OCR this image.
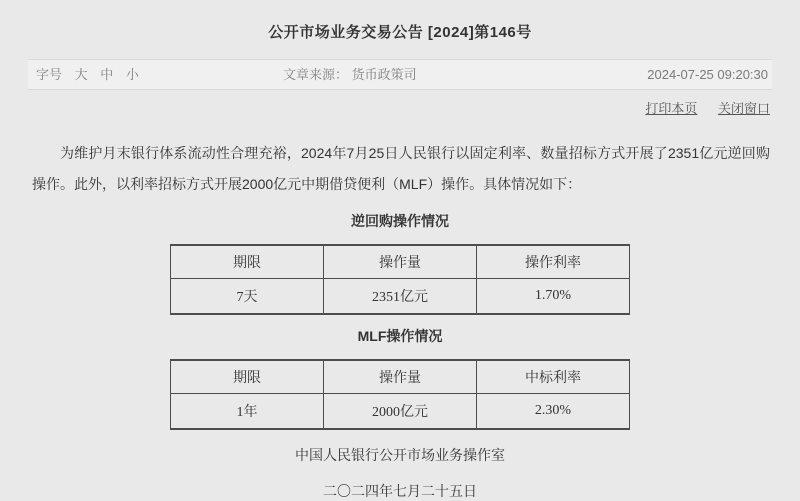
公开市场业务交易公告 [2024]第146号
字号 大 中 小	文章来源： 货币政策司	2024-07-25 09:20:30
打印本页 关闭窗口
为维护月末银行体系流动性合理充裕，2024年7月25日人民银行以固定利率、数量招标方式开展了2351亿元逆回购操作。此外，以利率招标方式开展2000亿元中期借贷便利（MLF）操作。具体情况如下：
逆回购操作情况
期限	操作量	操作利率
7天	2351亿元	1.70%
MLF操作情况
期限	操作量	中标利率
1年	2000亿元	2.30%
中国人民银行公开市场业务操作室
二〇二四年七月二十五日
